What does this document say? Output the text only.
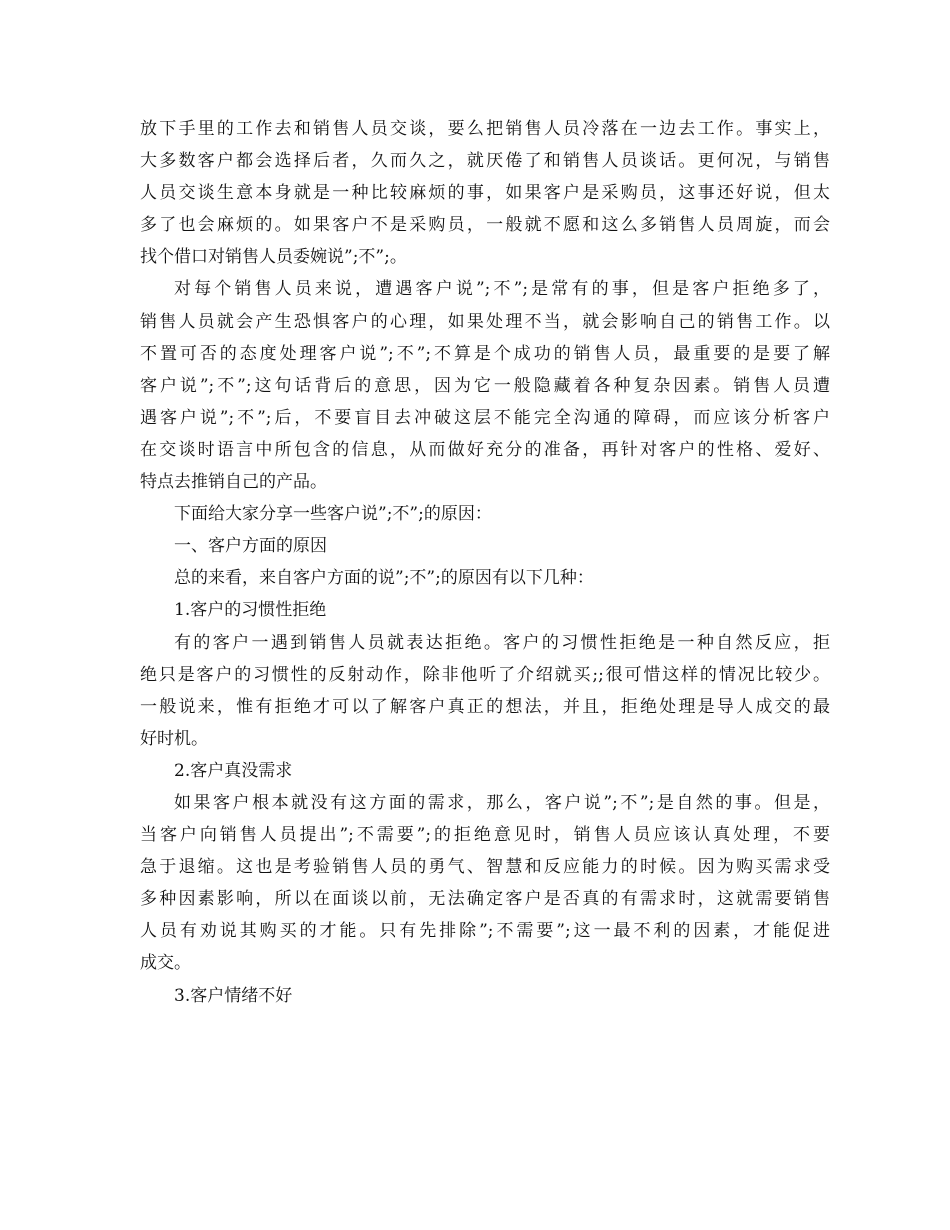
放下手里的工作去和销售人员交谈，要么把销售人员冷落在一边去工作。事实上，
大多数客户都会选择后者，久而久之，就厌倦了和销售人员谈话。更何况，与销售
人员交谈生意本身就是一种比较麻烦的事，如果客户是采购员，这事还好说，但太
多了也会麻烦的。如果客户不是采购员，一般就不愿和这么多销售人员周旋，而会
找个借口对销售人员委婉说”;不”;。
对每个销售人员来说，遭遇客户说”;不”;是常有的事，但是客户拒绝多了，
销售人员就会产生恐惧客户的心理，如果处理不当，就会影响自己的销售工作。以
不置可否的态度处理客户说”;不”;不算是个成功的销售人员，最重要的是要了解
客户说”;不”;这句话背后的意思，因为它一般隐藏着各种复杂因素。销售人员遭
遇客户说”;不”;后，不要盲目去冲破这层不能完全沟通的障碍，而应该分析客户
在交谈时语言中所包含的信息，从而做好充分的准备，再针对客户的性格、爱好、
特点去推销自己的产品。
下面给大家分享一些客户说”;不”;的原因：
一、客户方面的原因
总的来看，来自客户方面的说”;不”;的原因有以下几种：
1.客户的习惯性拒绝
有的客户一遇到销售人员就表达拒绝。客户的习惯性拒绝是一种自然反应，拒
绝只是客户的习惯性的反射动作，除非他听了介绍就买;;很可惜这样的情况比较少。
一般说来，惟有拒绝才可以了解客户真正的想法，并且，拒绝处理是导人成交的最
好时机。
2.客户真没需求
如果客户根本就没有这方面的需求，那么，客户说”;不”;是自然的事。但是，
当客户向销售人员提出”;不需要”;的拒绝意见时，销售人员应该认真处理，不要
急于退缩。这也是考验销售人员的勇气、智慧和反应能力的时候。因为购买需求受
多种因素影响，所以在面谈以前，无法确定客户是否真的有需求时，这就需要销售
人员有劝说其购买的才能。只有先排除”;不需要”;这一最不利的因素，才能促进
成交。
3.客户情绪不好
